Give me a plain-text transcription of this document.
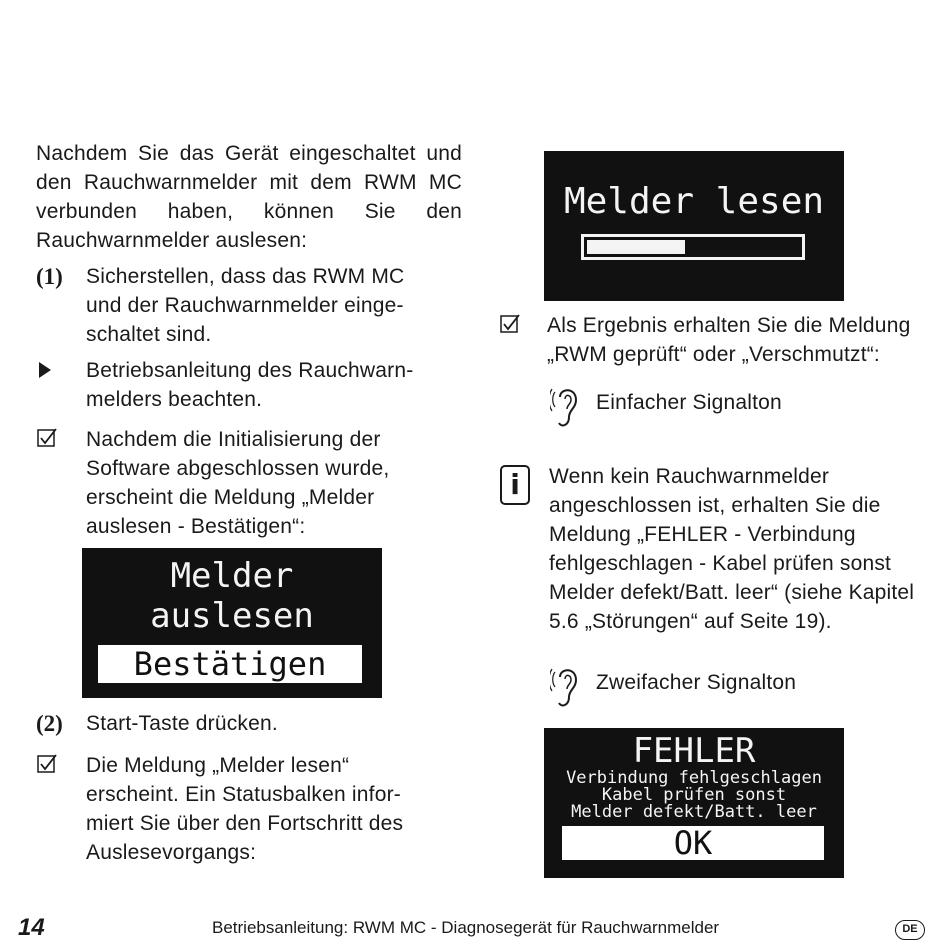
Nachdem Sie das Gerät eingeschaltet und den Rauchwarnmelder mit dem RWM MC verbunden haben, können Sie den Rauchwarnmelder auslesen:

(1) Sicherstellen, dass das RWM MC und der Rauchwarnmelder einge-schaltet sind.

Betriebsanleitung des Rauchwarn-melders beachten.

Nachdem die Initialisierung der Software abgeschlossen wurde, erscheint die Meldung „Melder auslesen - Bestätigen“:

Melder
auslesen
Bestätigen
(2) Start-Taste drücken.

Die Meldung „Melder lesen“ erscheint. Ein Statusbalken infor-miert Sie über den Fortschritt des Auslesevorgangs:

Melder lesen

Als Ergebnis erhalten Sie die Meldung „RWM geprüft“ oder „Verschmutzt“:

Einfacher Signalton

i	Wenn kein Rauchwarnmelder angeschlossen ist, erhalten Sie die Meldung „FEHLER - Verbindung fehlgeschlagen - Kabel prüfen sonst Melder defekt/Batt. leer“ (siehe Kapitel 5.6 „Störungen“ auf Seite 19).

Zweifacher Signalton

FEHLER
Verbindung fehlgeschlagen
Kabel prüfen sonst
Melder defekt/Batt. leer
OK
14	Betriebsanleitung: RWM MC - Diagnosegerät für Rauchwarnmelder	DE
